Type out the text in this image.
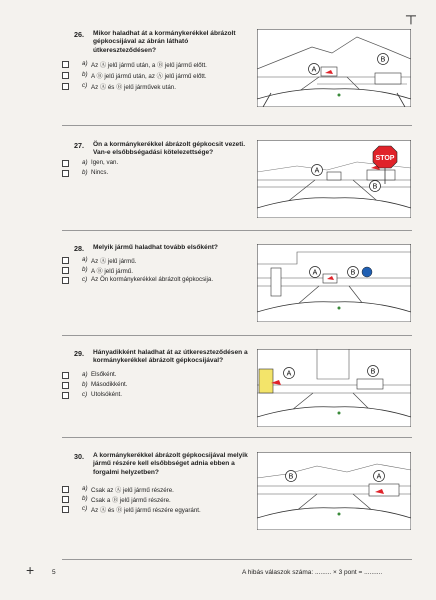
┬
+
26. Mikor haladhat át a kormánykerékkel ábrázolt gépkocsijával az ábrán látható útkereszteződésen?
a) Az Ⓐ jelű jármű után, a Ⓑ jelű jármű előtt.
b) A Ⓑ jelű jármű után, az Ⓐ jelű jármű előtt.
c) Az Ⓐ és Ⓑ jelű járművek után.
A
B
27. Ön a kormánykerékkel ábrázolt gépkocsit vezeti. Van-e elsőbbségadási kötelezettsége?
a) Igen, van.
b) Nincs.
STOP
A
B
28. Melyik jármű haladhat tovább elsőként?
a) Az Ⓐ jelű jármű.
b) A Ⓑ jelű jármű.
c) Az Ön kormánykerékkel ábrázolt gépkocsija.
A	B
29. Hányadikként haladhat át az útkereszteződésen a kormánykerékkel ábrázolt gépkocsijával?
a) Elsőként.
b) Másodikként.
c) Utolsóként.
A	B
30. A kormánykerékkel ábrázolt gépkocsijával melyik jármű részére kell elsőbbséget adnia ebben a forgalmi helyzetben?
a) Csak az Ⓐ jelű jármű részére.
b) Csak a Ⓑ jelű jármű részére.
c) Az Ⓐ és Ⓑ jelű jármű részére egyaránt.
B	A
5	A hibás válaszok száma: ......... × 3 pont = ..........
